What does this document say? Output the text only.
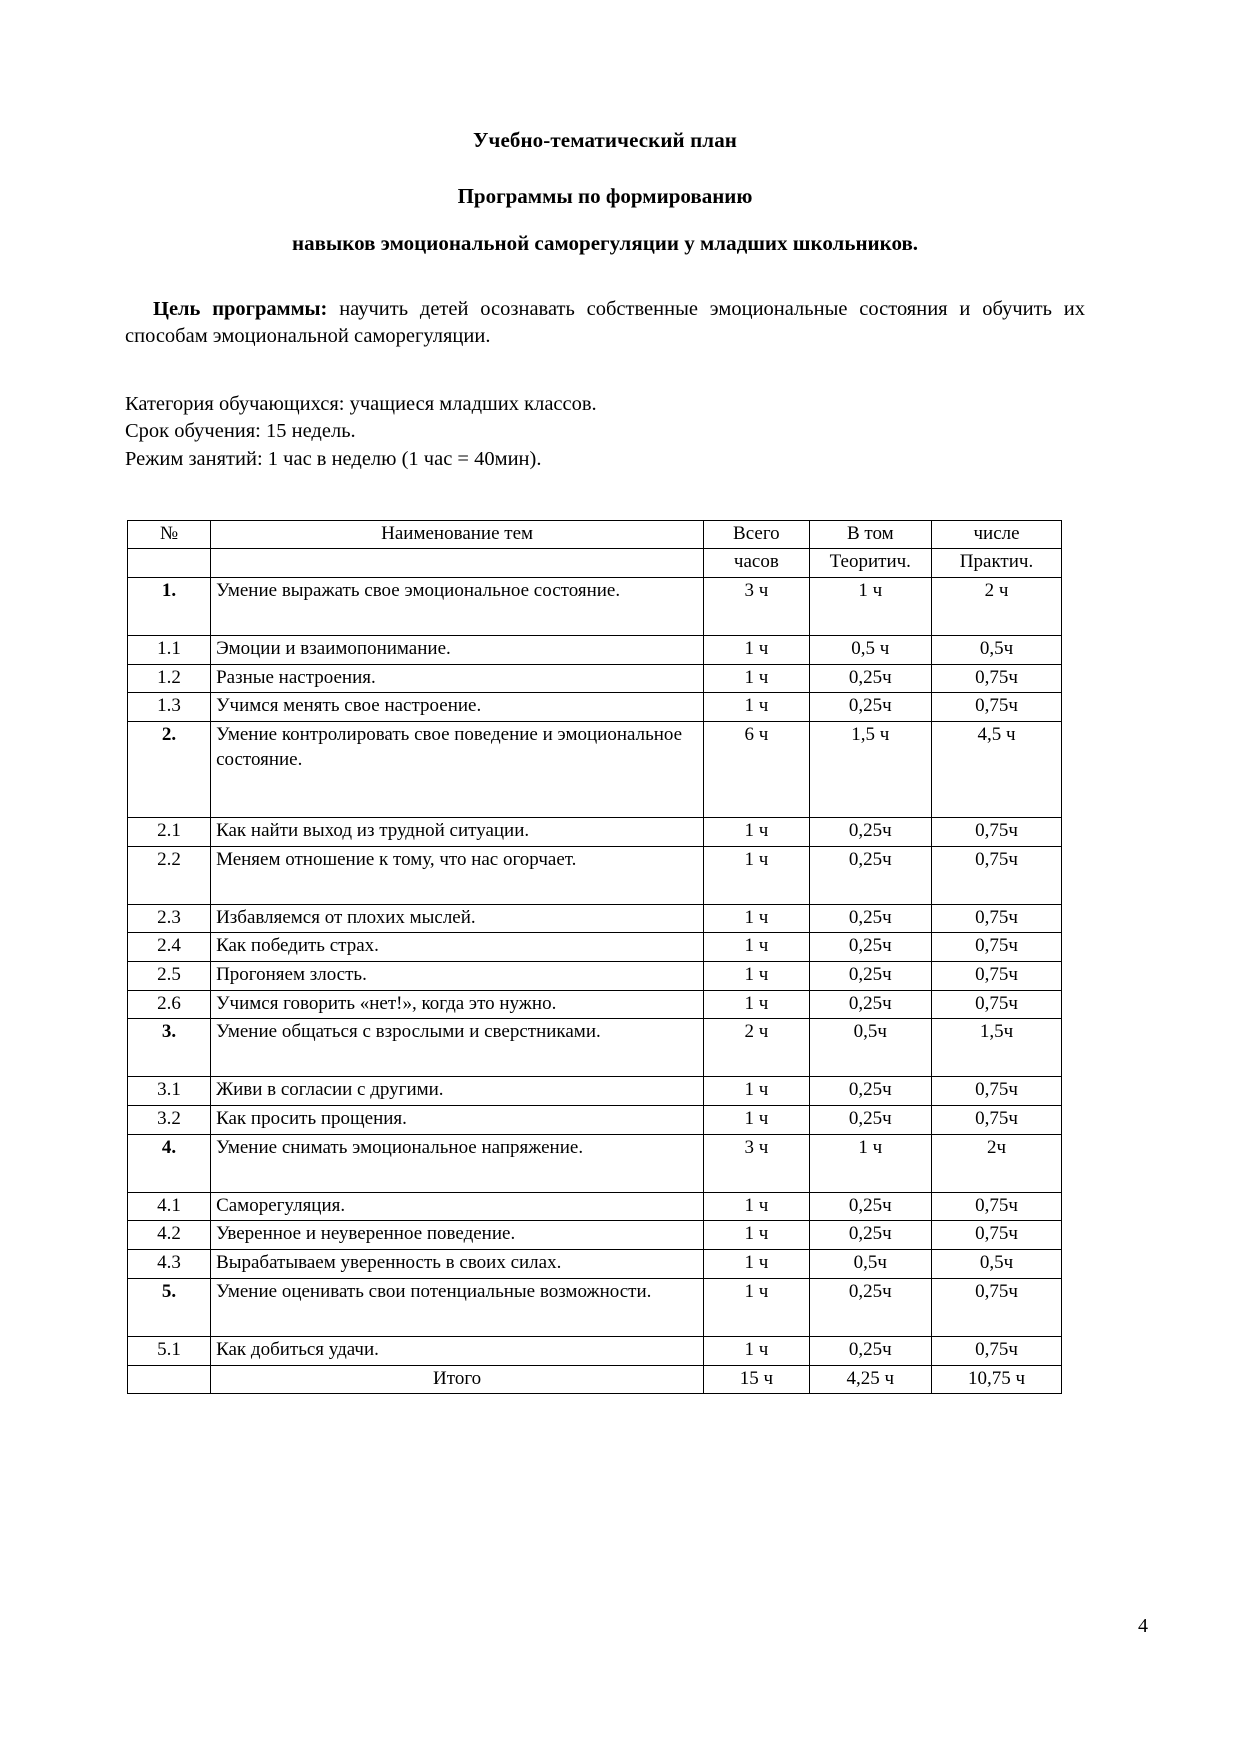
Учебно-тематический план
Программы по формированию
навыков эмоциональной саморегуляции у младших школьников.

Цель программы: научить детей осознавать собственные эмоциональные состояния и обучить их способам эмоциональной саморегуляции.

Категория обучающихся: учащиеся младших классов.
Срок обучения: 15 недель.
Режим занятий: 1 час в неделю (1 час = 40мин).
№	Наименование тем	Всего	В том	числе
		часов	Теоритич.	Практич.
1.	Умение выражать свое эмоциональное состояние.	3 ч	1 ч	2 ч
1.1	Эмоции и взаимопонимание.	1 ч	0,5 ч	0,5ч
1.2	Разные настроения.	1 ч	0,25ч	0,75ч
1.3	Учимся менять свое настроение.	1 ч	0,25ч	0,75ч
2.	Умение контролировать свое поведение и эмоциональное состояние.	6 ч	1,5 ч	4,5 ч
2.1	Как найти выход из трудной ситуации.	1 ч	0,25ч	0,75ч
2.2	Меняем отношение к тому, что нас огорчает.	1 ч	0,25ч	0,75ч
2.3	Избавляемся от плохих мыслей.	1 ч	0,25ч	0,75ч
2.4	Как победить страх.	1 ч	0,25ч	0,75ч
2.5	Прогоняем злость.	1 ч	0,25ч	0,75ч
2.6	Учимся говорить «нет!», когда это нужно.	1 ч	0,25ч	0,75ч
3.	Умение общаться с взрослыми и сверстниками.	2 ч	0,5ч	1,5ч
3.1	Живи в согласии с другими.	1 ч	0,25ч	0,75ч
3.2	Как просить прощения.	1 ч	0,25ч	0,75ч
4.	Умение снимать эмоциональное напряжение.	3 ч	1 ч	2ч
4.1	Саморегуляция.	1 ч	0,25ч	0,75ч
4.2	Уверенное и неуверенное поведение.	1 ч	0,25ч	0,75ч
4.3	Вырабатываем уверенность в своих силах.	1 ч	0,5ч	0,5ч
5.	Умение оценивать свои потенциальные возможности.	1 ч	0,25ч	0,75ч
5.1	Как добиться удачи.	1 ч	0,25ч	0,75ч
	Итого	15 ч	4,25 ч	10,75 ч
4
